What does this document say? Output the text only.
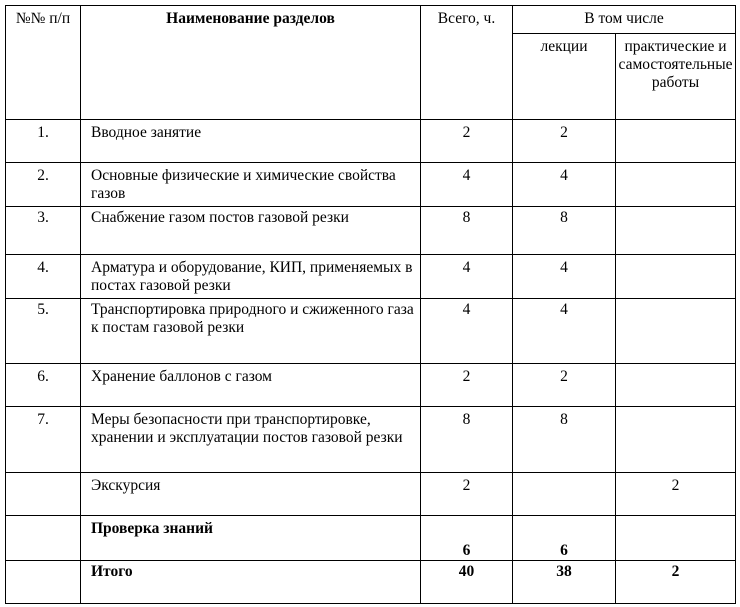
№№ п/п	Наименование разделов	Всего, ч.	В том числе	
			лекции	практические и самостоятельные работы
1.	Вводное занятие	2	2	
2.	Основные физические и химические свойства газов	4	4	
3.	Снабжение газом постов газовой резки	8	8	
4.	Арматура и оборудование, КИП, применяемых в постах газовой резки	4	4	
5.	Транспортировка природного и сжиженного газа к постам газовой резки	4	4	
6.	Хранение баллонов с газом	2	2	
7.	Меры безопасности при транспортировке, хранении и эксплуатации постов газовой резки	8	8	
	Экскурсия	2		2
	Проверка знаний	6	6	
	Итого	40	38	2
